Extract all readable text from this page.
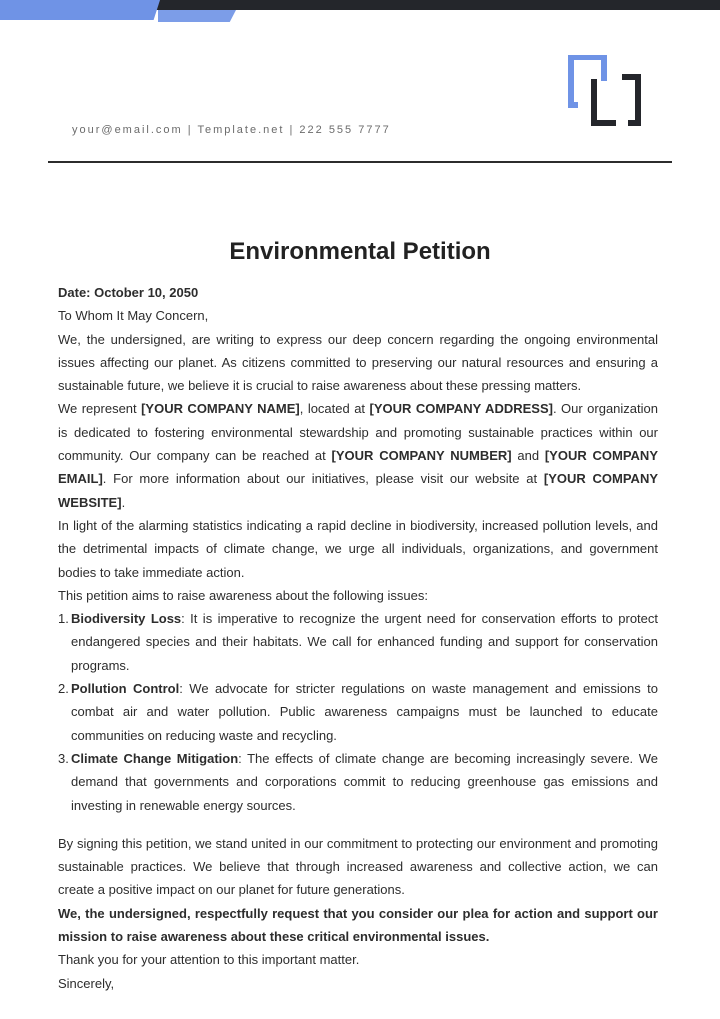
your@email.com | Template.net | 222 555 7777
Environmental Petition

Date: October 10, 2050

To Whom It May Concern,

We, the undersigned, are writing to express our deep concern regarding the ongoing environmental issues affecting our planet. As citizens committed to preserving our natural resources and ensuring a sustainable future, we believe it is crucial to raise awareness about these pressing matters.

We represent [YOUR COMPANY NAME], located at [YOUR COMPANY ADDRESS]. Our organization is dedicated to fostering environmental stewardship and promoting sustainable practices within our community. Our company can be reached at [YOUR COMPANY NUMBER] and [YOUR COMPANY EMAIL]. For more information about our initiatives, please visit our website at [YOUR COMPANY WEBSITE].

In light of the alarming statistics indicating a rapid decline in biodiversity, increased pollution levels, and the detrimental impacts of climate change, we urge all individuals, organizations, and government bodies to take immediate action.

This petition aims to raise awareness about the following issues:

1. Biodiversity Loss: It is imperative to recognize the urgent need for conservation efforts to protect endangered species and their habitats. We call for enhanced funding and support for conservation programs.
2. Pollution Control: We advocate for stricter regulations on waste management and emissions to combat air and water pollution. Public awareness campaigns must be launched to educate communities on reducing waste and recycling.
3. Climate Change Mitigation: The effects of climate change are becoming increasingly severe. We demand that governments and corporations commit to reducing greenhouse gas emissions and investing in renewable energy sources.

By signing this petition, we stand united in our commitment to protecting our environment and promoting sustainable practices. We believe that through increased awareness and collective action, we can create a positive impact on our planet for future generations.

We, the undersigned, respectfully request that you consider our plea for action and support our mission to raise awareness about these critical environmental issues.

Thank you for your attention to this important matter.

Sincerely,
